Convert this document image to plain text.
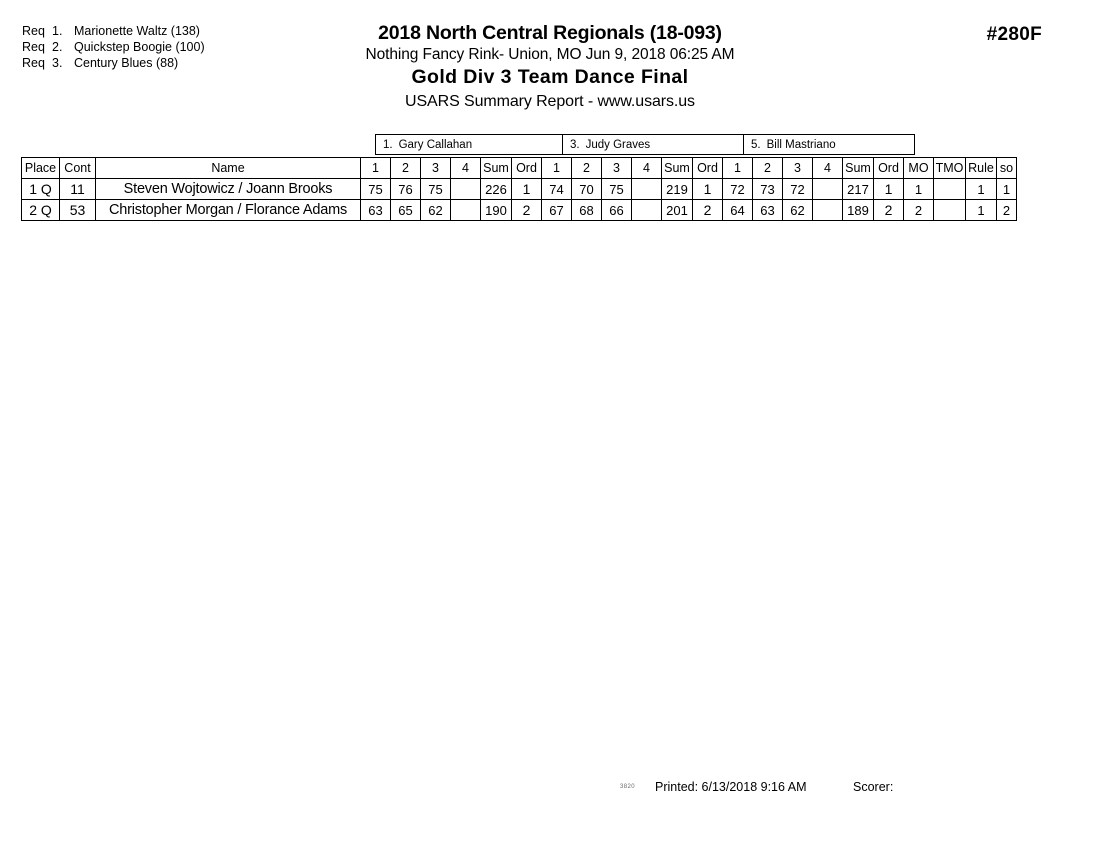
Req 1. Marionette Waltz (138)
Req 2. Quickstep Boogie (100)
Req 3. Century Blues (88)
2018 North Central Regionals (18-093)
Nothing Fancy Rink- Union, MO Jun 9, 2018 06:25 AM
Gold Div 3 Team Dance Final
USARS Summary Report - www.usars.us
#280F
1. Gary Callahan	3. Judy Graves	5. Bill Mastriano
Place	Cont	Name	1	2	3	4	Sum	Ord	1	2	3	4	Sum	Ord	1	2	3	4	Sum	Ord	MO	TMO	Rule	so
1 Q	11	Steven Wojtowicz / Joann Brooks	75	76	75		226	1	74	70	75		219	1	72	73	72		217	1	1		1	1
2 Q	53	Christopher Morgan / Florance Adams	63	65	62		190	2	67	68	66		201	2	64	63	62		189	2	2		1	2
3820 Printed: 6/13/2018 9:16 AM	Scorer:
